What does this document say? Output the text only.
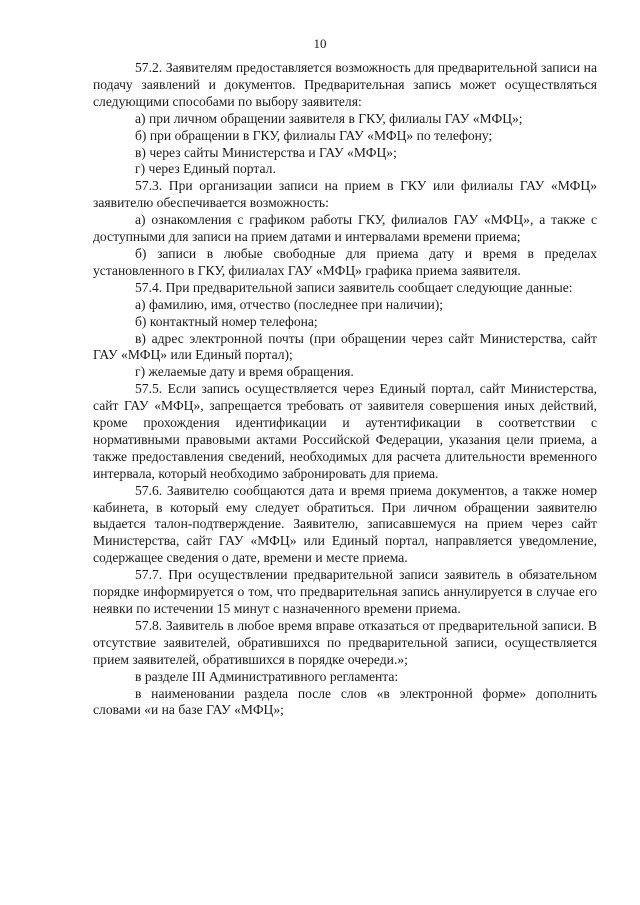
10

57.2. Заявителям предоставляется возможность для предварительной записи на подачу заявлений и документов. Предварительная запись может осуществляться следующими способами по выбору заявителя:

а) при личном обращении заявителя в ГКУ, филиалы ГАУ «МФЦ»;

б) при обращении в ГКУ, филиалы ГАУ «МФЦ» по телефону;

в) через сайты Министерства и ГАУ «МФЦ»;

г) через Единый портал.

57.3. При организации записи на прием в ГКУ или филиалы ГАУ «МФЦ» заявителю обеспечивается возможность:

а) ознакомления с графиком работы ГКУ, филиалов ГАУ «МФЦ», а также с доступными для записи на прием датами и интервалами времени приема;

б) записи в любые свободные для приема дату и время в пределах установленного в ГКУ, филиалах ГАУ «МФЦ» графика приема заявителя.

57.4. При предварительной записи заявитель сообщает следующие данные:

а) фамилию, имя, отчество (последнее при наличии);

б) контактный номер телефона;

в) адрес электронной почты (при обращении через сайт Министерства, сайт ГАУ «МФЦ» или Единый портал);

г) желаемые дату и время обращения.

57.5. Если запись осуществляется через Единый портал, сайт Министерства, сайт ГАУ «МФЦ», запрещается требовать от заявителя совершения иных действий, кроме прохождения идентификации и аутентификации в соответствии с нормативными правовыми актами Российской Федерации, указания цели приема, а также предоставления сведений, необходимых для расчета длительности временного интервала, который необходимо забронировать для приема.

57.6. Заявителю сообщаются дата и время приема документов, а также номер кабинета, в который ему следует обратиться. При личном обращении заявителю выдается талон-подтверждение. Заявителю, записавшемуся на прием через сайт Министерства, сайт ГАУ «МФЦ» или Единый портал, направляется уведомление, содержащее сведения о дате, времени и месте приема.

57.7. При осуществлении предварительной записи заявитель в обязательном порядке информируется о том, что предварительная запись аннулируется в случае его неявки по истечении 15 минут с назначенного времени приема.

57.8. Заявитель в любое время вправе отказаться от предварительной записи. В отсутствие заявителей, обратившихся по предварительной записи, осуществляется прием заявителей, обратившихся в порядке очереди.»;

в разделе III Административного регламента:

в наименовании раздела после слов «в электронной форме» дополнить словами «и на базе ГАУ «МФЦ»;
